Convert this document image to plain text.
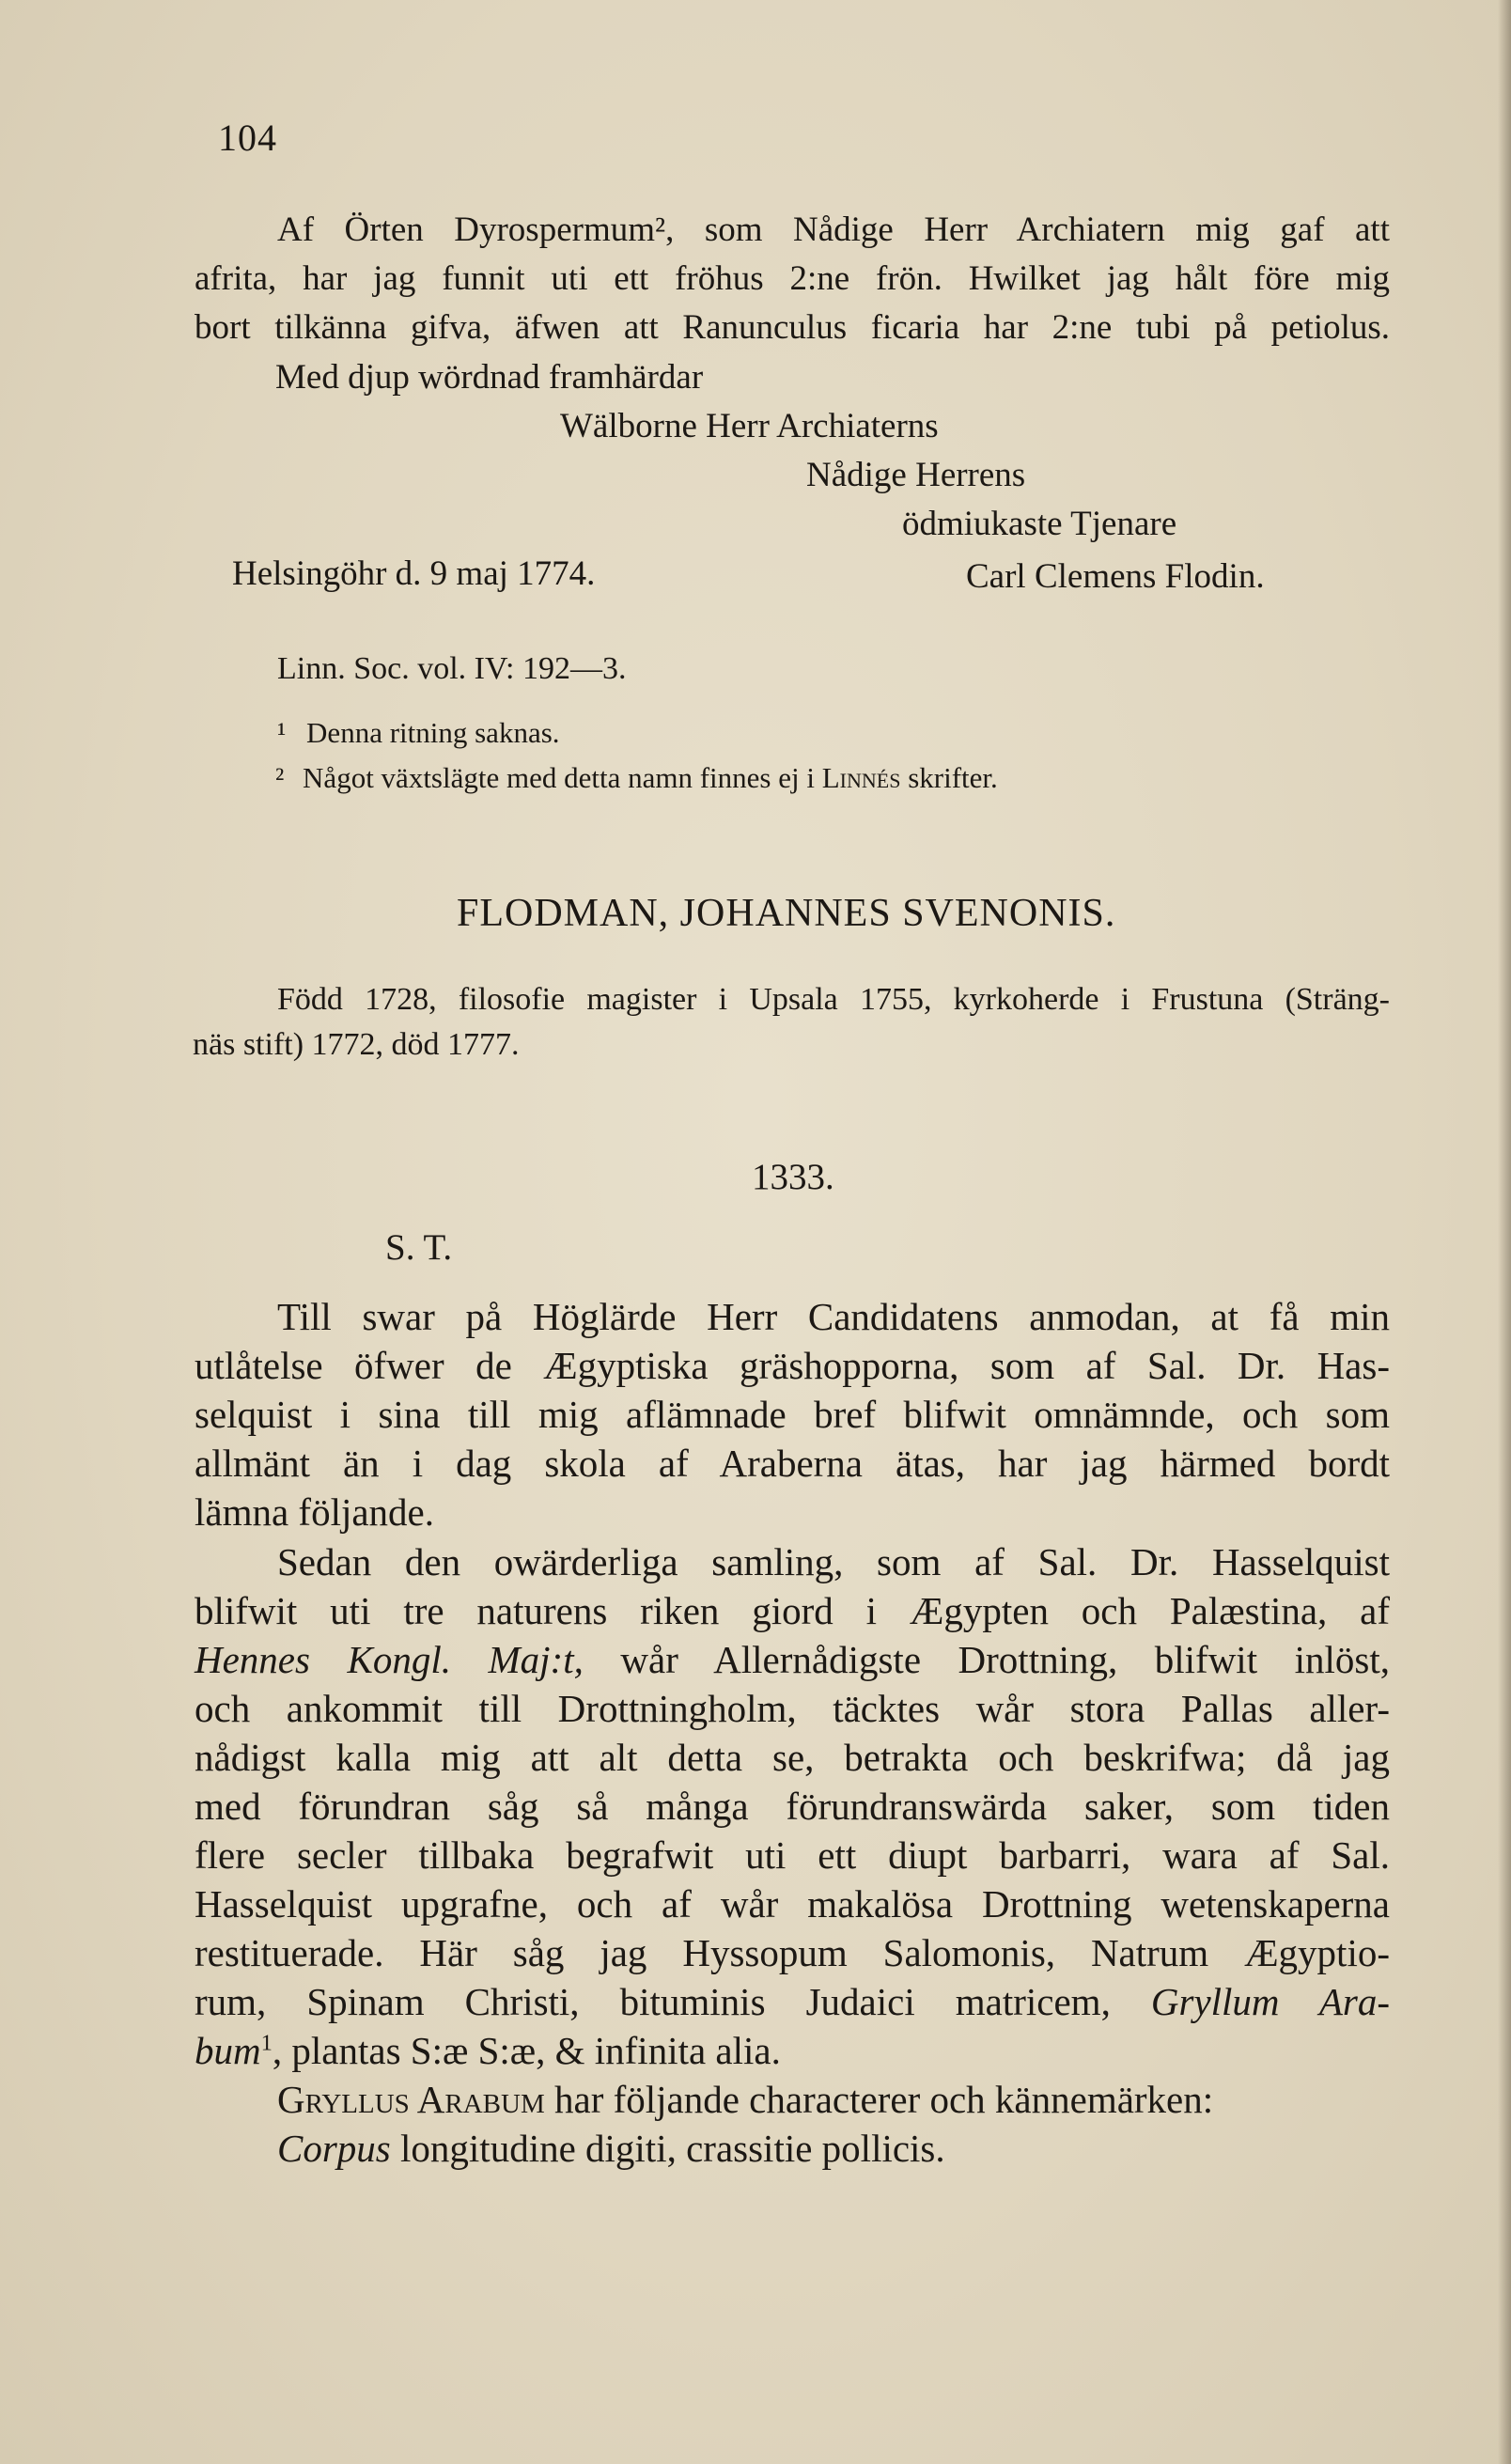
104
Af Örten Dyrospermum², som Nådige Herr Archiatern mig gaf att
afrita, har jag funnit uti ett fröhus 2:ne frön. Hwilket jag hålt före mig
bort tilkänna gifva, äfwen att Ranunculus ficaria har 2:ne tubi på petiolus.
Med djup wördnad framhärdar
Wälborne Herr Archiaterns
Nådige Herrens
ödmiukaste Tjenare
Helsingöhr d. 9 maj 1774.	Carl Clemens Flodin.
Linn. Soc. vol. IV: 192—3.
¹ Denna ritning saknas.
² Något växtslägte med detta namn finnes ej i Linnés skrifter.
FLODMAN, JOHANNES SVENONIS.
Född 1728, filosofie magister i Upsala 1755, kyrkoherde i Frustuna (Sträng-
näs stift) 1772, död 1777.
1333.
S. T.
Till swar på Höglärde Herr Candidatens anmodan, at få min
utlåtelse öfwer de Ægyptiska gräshopporna, som af Sal. Dr. Has-
selquist i sina till mig aflämnade bref blifwit omnämnde, och som
allmänt än i dag skola af Araberna ätas, har jag härmed bordt
lämna följande.
Sedan den owärderliga samling, som af Sal. Dr. Hasselquist
blifwit uti tre naturens riken giord i Ægypten och Palæstina, af
Hennes Kongl. Maj:t, wår Allernådigste Drottning, blifwit inlöst,
och ankommit till Drottningholm, täcktes wår stora Pallas aller-
nådigst kalla mig att alt detta se, betrakta och beskrifwa; då jag
med förundran såg så många förundranswärda saker, som tiden
flere secler tillbaka begrafwit uti ett diupt barbarri, wara af Sal.
Hasselquist upgrafne, och af wår makalösa Drottning wetenskaperna
restituerade. Här såg jag Hyssopum Salomonis, Natrum Ægyptio-
rum, Spinam Christi, bituminis Judaici matricem, Gryllum Ara-
bum$^1$, plantas S:æ S:æ, & infinita alia.
Gryllus Arabum har följande characterer och kännemärken:
Corpus longitudine digiti, crassitie pollicis.
